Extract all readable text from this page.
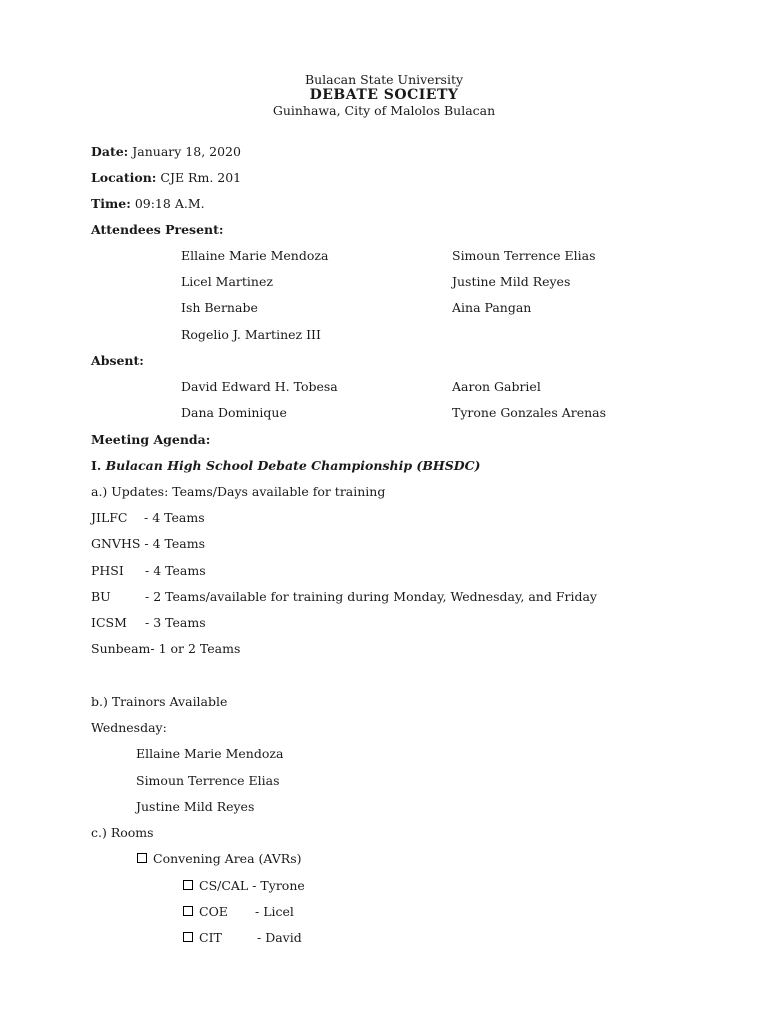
Bulacan State University
DEBATE SOCIETY
Guinhawa, City of Malolos Bulacan
Date: January 18, 2020
Location: CJE Rm. 201
Time: 09:18 A.M.
Attendees Present:
Ellaine Marie Mendoza	Simoun Terrence Elias
Licel Martinez	Justine Mild Reyes
Ish Bernabe	Aina Pangan
Rogelio J. Martinez III
Absent:
David Edward H. Tobesa	Aaron Gabriel
Dana Dominique	Tyrone Gonzales Arenas
Meeting Agenda:
I. Bulacan High School Debate Championship (BHSDC)
a.) Updates: Teams/Days available for training
JILFC - 4 Teams
GNVHS - 4 Teams
PHSI - 4 Teams
BU	- 2 Teams/available for training during Monday, Wednesday, and Friday
ICSM - 3 Teams
Sunbeam- 1 or 2 Teams
b.) Trainors Available
Wednesday:
Ellaine Marie Mendoza
Simoun Terrence Elias
Justine Mild Reyes
c.) Rooms
Convening Area (AVRs)
CS/CAL - Tyrone
COE - Licel
CIT	- David
